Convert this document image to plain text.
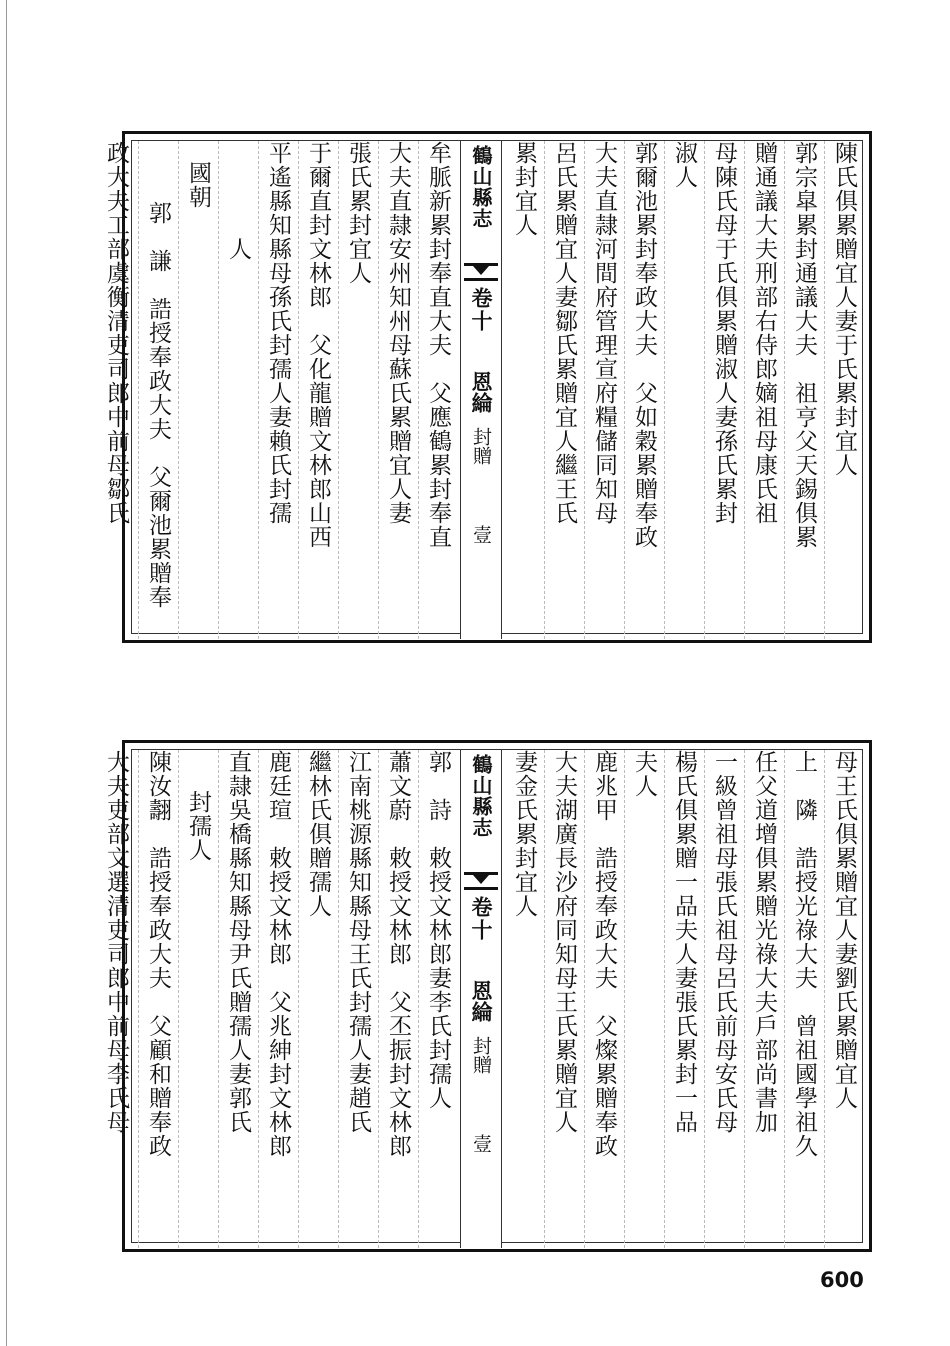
陳氏俱累贈宜人妻于氏累封宜人
郭宗皐累封通議大夫　祖亨父天錫俱累
贈通議大夫刑部右侍郎嫡祖母康氏祖
母陳氏母于氏俱累贈淑人妻孫氏累封
淑人
郭爾池累封奉政大夫　父如穀累贈奉政
大夫直隷河間府管理宣府糧儲同知母
呂氏累贈宜人妻鄒氏累贈宜人繼王氏
累封宜人
鶴山縣志
卷十
恩綸
封贈
壹
牟脈新累封奉直大夫　父應鶴累封奉直
大夫直隷安州知州母蘇氏累贈宜人妻
張氏累封宜人
于爾直封文林郎　父化龍贈文林郎山西
平遙縣知縣母孫氏封孺人妻賴氏封孺
人
國朝
郭　謙　誥授奉政大夫　父爾池累贈奉
政大夫工部虞衡清吏司郎中前母鄒氏
母王氏俱累贈宜人妻劉氏累贈宜人
上　隣　誥授光祿大夫　曾祖國學祖久
任父道增俱累贈光祿大夫戶部尚書加
一級曾祖母張氏祖母呂氏前母安氏母
楊氏俱累贈一品夫人妻張氏累封一品
夫人
鹿兆甲　誥授奉政大夫　父燦累贈奉政
大夫湖廣長沙府同知母王氏累贈宜人
妻金氏累封宜人
鶴山縣志
卷十
恩綸
封贈
壹
郭　詩　敕授文林郎妻李氏封孺人
蕭文蔚　敕授文林郎　父丕振封文林郎
江南桃源縣知縣母王氏封孺人妻趙氏
繼林氏俱贈孺人
鹿廷瑄　敕授文林郎　父兆紳封文林郎
直隷吳橋縣知縣母尹氏贈孺人妻郭氏
封孺人
陳汝翿　誥授奉政大夫　父顧和贈奉政
大夫吏部文選清吏司郎中前母李氏母
600
